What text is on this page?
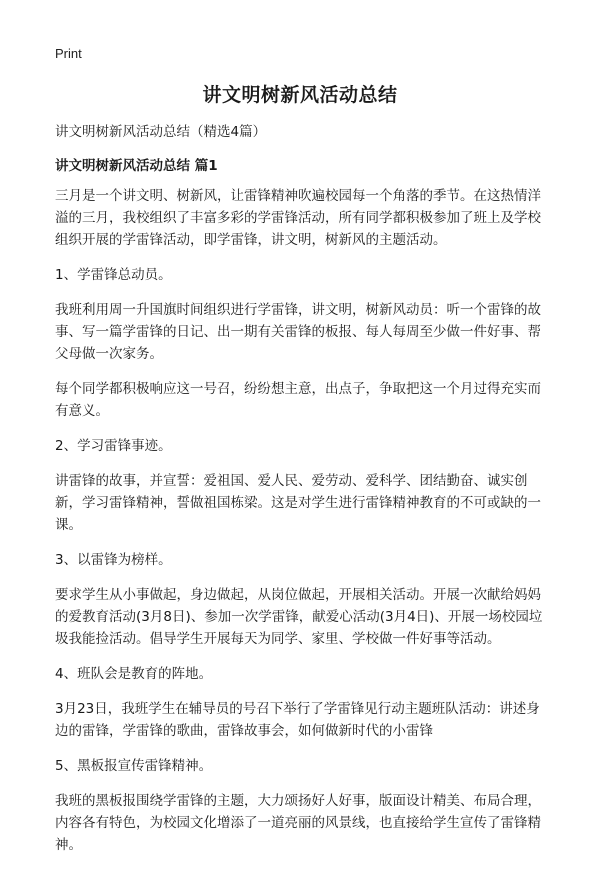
Print
讲文明树新风活动总结

讲文明树新风活动总结（精选4篇）

讲文明树新风活动总结 篇1

三月是一个讲文明、树新风，让雷锋精神吹遍校园每一个角落的季节。在这热情洋溢的三月，我校组织了丰富多彩的学雷锋活动，所有同学都积极参加了班上及学校组织开展的学雷锋活动，即学雷锋，讲文明，树新风的主题活动。

1、学雷锋总动员。

我班利用周一升国旗时间组织进行学雷锋，讲文明，树新风动员：听一个雷锋的故事、写一篇学雷锋的日记、出一期有关雷锋的板报、每人每周至少做一件好事、帮父母做一次家务。

每个同学都积极响应这一号召，纷纷想主意，出点子，争取把这一个月过得充实而有意义。

2、学习雷锋事迹。

讲雷锋的故事，并宣誓：爱祖国、爱人民、爱劳动、爱科学、团结勤奋、诚实创新，学习雷锋精神，誓做祖国栋梁。这是对学生进行雷锋精神教育的不可或缺的一课。

3、以雷锋为榜样。

要求学生从小事做起，身边做起，从岗位做起，开展相关活动。开展一次献给妈妈的爱教育活动(3月8日)、参加一次学雷锋，献爱心活动(3月4日)、开展一场校园垃圾我能捡活动。倡导学生开展每天为同学、家里、学校做一件好事等活动。

4、班队会是教育的阵地。

3月23日，我班学生在辅导员的号召下举行了学雷锋见行动主题班队活动：讲述身边的雷锋，学雷锋的歌曲，雷锋故事会，如何做新时代的小雷锋

5、黑板报宣传雷锋精神。

我班的黑板报围绕学雷锋的主题，大力颂扬好人好事，版面设计精美、布局合理，内容各有特色，为校园文化增添了一道亮丽的风景线，也直接给学生宣传了雷锋精神。
